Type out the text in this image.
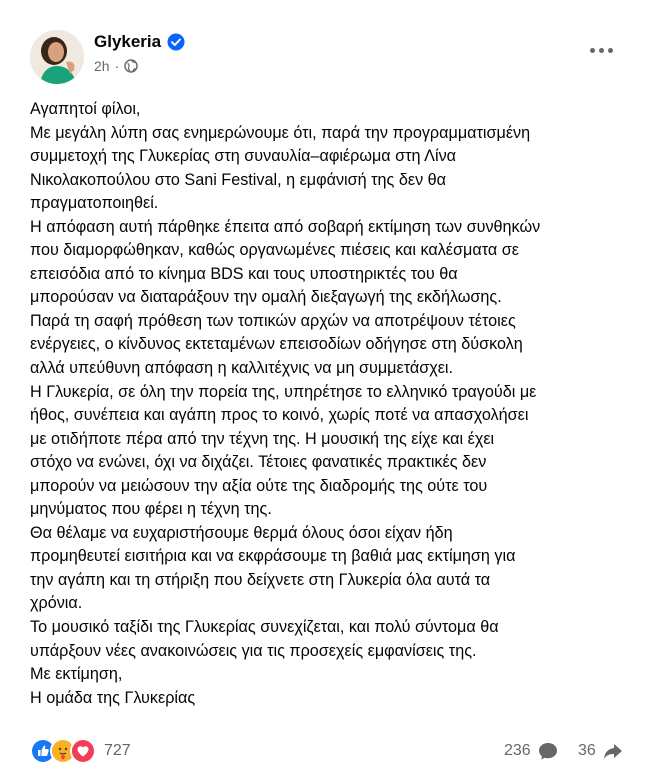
Glykeria
2h ·
Αγαπητοί φίλοι,
Με μεγάλη λύπη σας ενημερώνουμε ότι, παρά την προγραμματισμένη
συμμετοχή της Γλυκερίας στη συναυλία–αφιέρωμα στη Λίνα
Νικολακοπούλου στο Sani Festival, η εμφάνισή της δεν θα
πραγματοποιηθεί.
Η απόφαση αυτή πάρθηκε έπειτα από σοβαρή εκτίμηση των συνθηκών
που διαμορφώθηκαν, καθώς οργανωμένες πιέσεις και καλέσματα σε
επεισόδια από το κίνημα BDS και τους υποστηρικτές του θα
μπορούσαν να διαταράξουν την ομαλή διεξαγωγή της εκδήλωσης.
Παρά τη σαφή πρόθεση των τοπικών αρχών να αποτρέψουν τέτοιες
ενέργειες, ο κίνδυνος εκτεταμένων επεισοδίων οδήγησε στη δύσκολη
αλλά υπεύθυνη απόφαση η καλλιτέχνις να μη συμμετάσχει.
Η Γλυκερία, σε όλη την πορεία της, υπηρέτησε το ελληνικό τραγούδι με
ήθος, συνέπεια και αγάπη προς το κοινό, χωρίς ποτέ να απασχολήσει
με οτιδήποτε πέρα από την τέχνη της. Η μουσική της είχε και έχει
στόχο να ενώνει, όχι να διχάζει. Τέτοιες φανατικές πρακτικές δεν
μπορούν να μειώσουν την αξία ούτε της διαδρομής της ούτε του
μηνύματος που φέρει η τέχνη της.
Θα θέλαμε να ευχαριστήσουμε θερμά όλους όσοι είχαν ήδη
προμηθευτεί εισιτήρια και να εκφράσουμε τη βαθιά μας εκτίμηση για
την αγάπη και τη στήριξη που δείχνετε στη Γλυκερία όλα αυτά τα
χρόνια.
Το μουσικό ταξίδι της Γλυκερίας συνεχίζεται, και πολύ σύντομα θα
υπάρξουν νέες ανακοινώσεις για τις προσεχείς εμφανίσεις της.
Με εκτίμηση,
Η ομάδα της Γλυκερίας
727	236	36
